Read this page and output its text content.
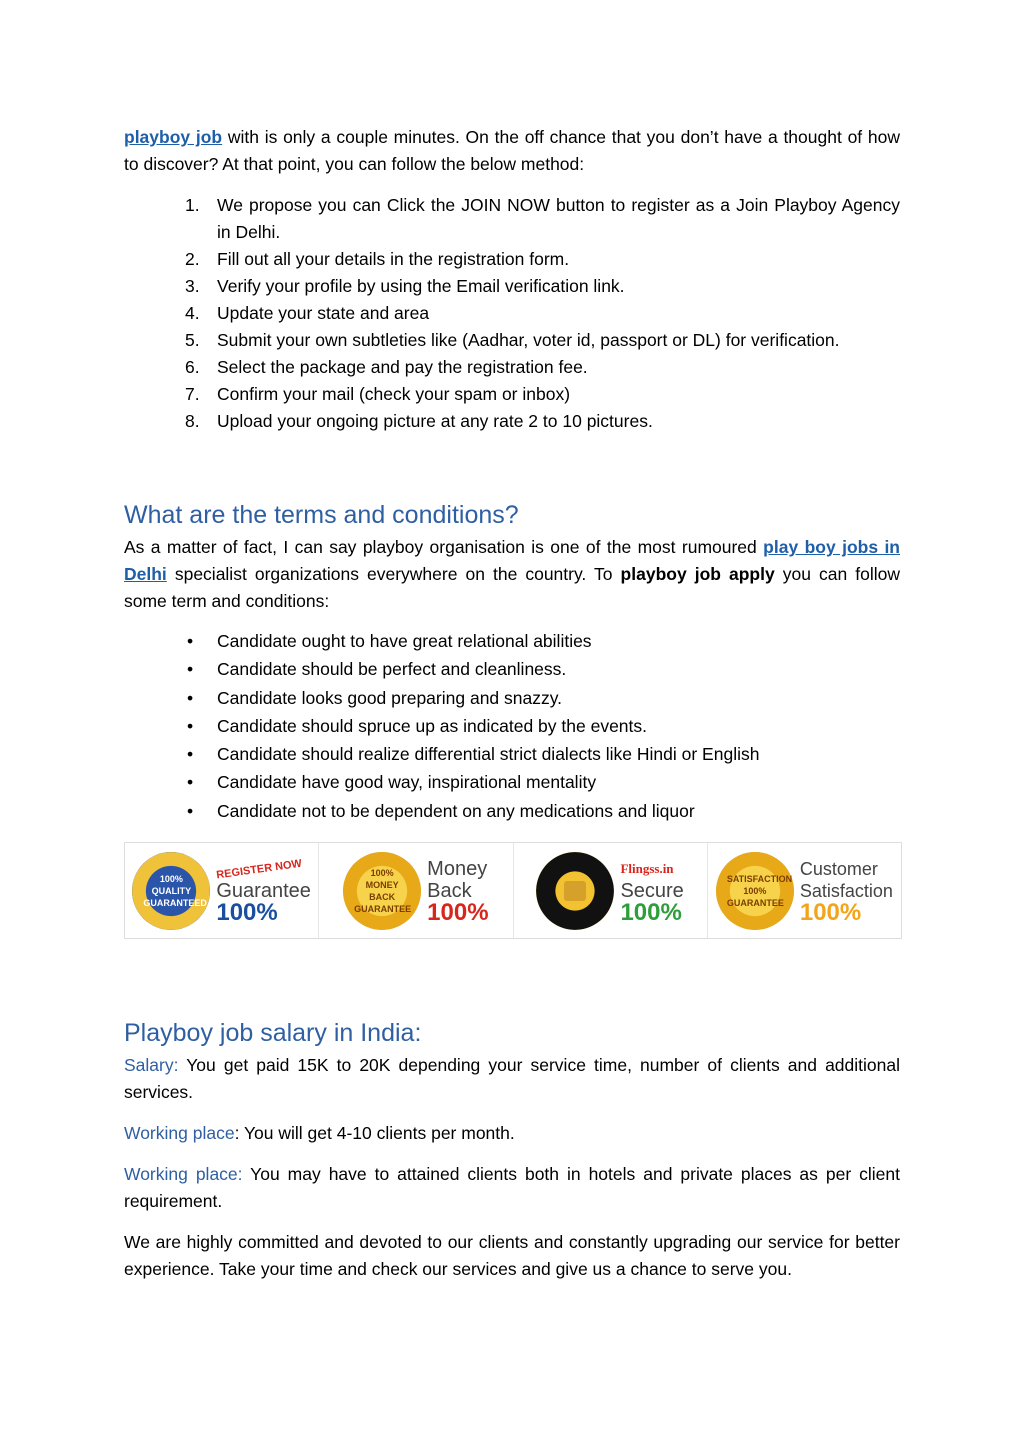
playboy job with is only a couple minutes. On the off chance that you don’t have a thought of how to discover? At that point, you can follow the below method:

1. We propose you can Click the JOIN NOW button to register as a Join Playboy Agency in Delhi.
2. Fill out all your details in the registration form.
3. Verify your profile by using the Email verification link.
4. Update your state and area
5. Submit your own subtleties like (Aadhar, voter id, passport or DL) for verification.
6. Select the package and pay the registration fee.
7. Confirm your mail (check your spam or inbox)
8. Upload your ongoing picture at any rate 2 to 10 pictures.
What are the terms and conditions?

As a matter of fact, I can say playboy organisation is one of the most rumoured play boy jobs in Delhi specialist organizations everywhere on the country. To playboy job apply you can follow some term and conditions:

• Candidate ought to have great relational abilities
• Candidate should be perfect and cleanliness.
• Candidate looks good preparing and snazzy.
• Candidate should spruce up as indicated by the events.
• Candidate should realize differential strict dialects like Hindi or English
• Candidate have good way, inspirational mentality
• Candidate not to be dependent on any medications and liquor
100% QUALITY GUARANTEED
REGISTER NOW
Guarantee
100%
100% MONEY BACK GUARANTEE
Money
Back
100%
Flingss.in
Secure
100%
SATISFACTION 100% GUARANTEE
Customer
Satisfaction
100%
Playboy job salary in India:

Salary: You get paid 15K to 20K depending your service time, number of clients and additional services.

Working place: You will get 4-10 clients per month.

Working place: You may have to attained clients both in hotels and private places as per client requirement.

We are highly committed and devoted to our clients and constantly upgrading our service for better experience. Take your time and check our services and give us a chance to serve you.
